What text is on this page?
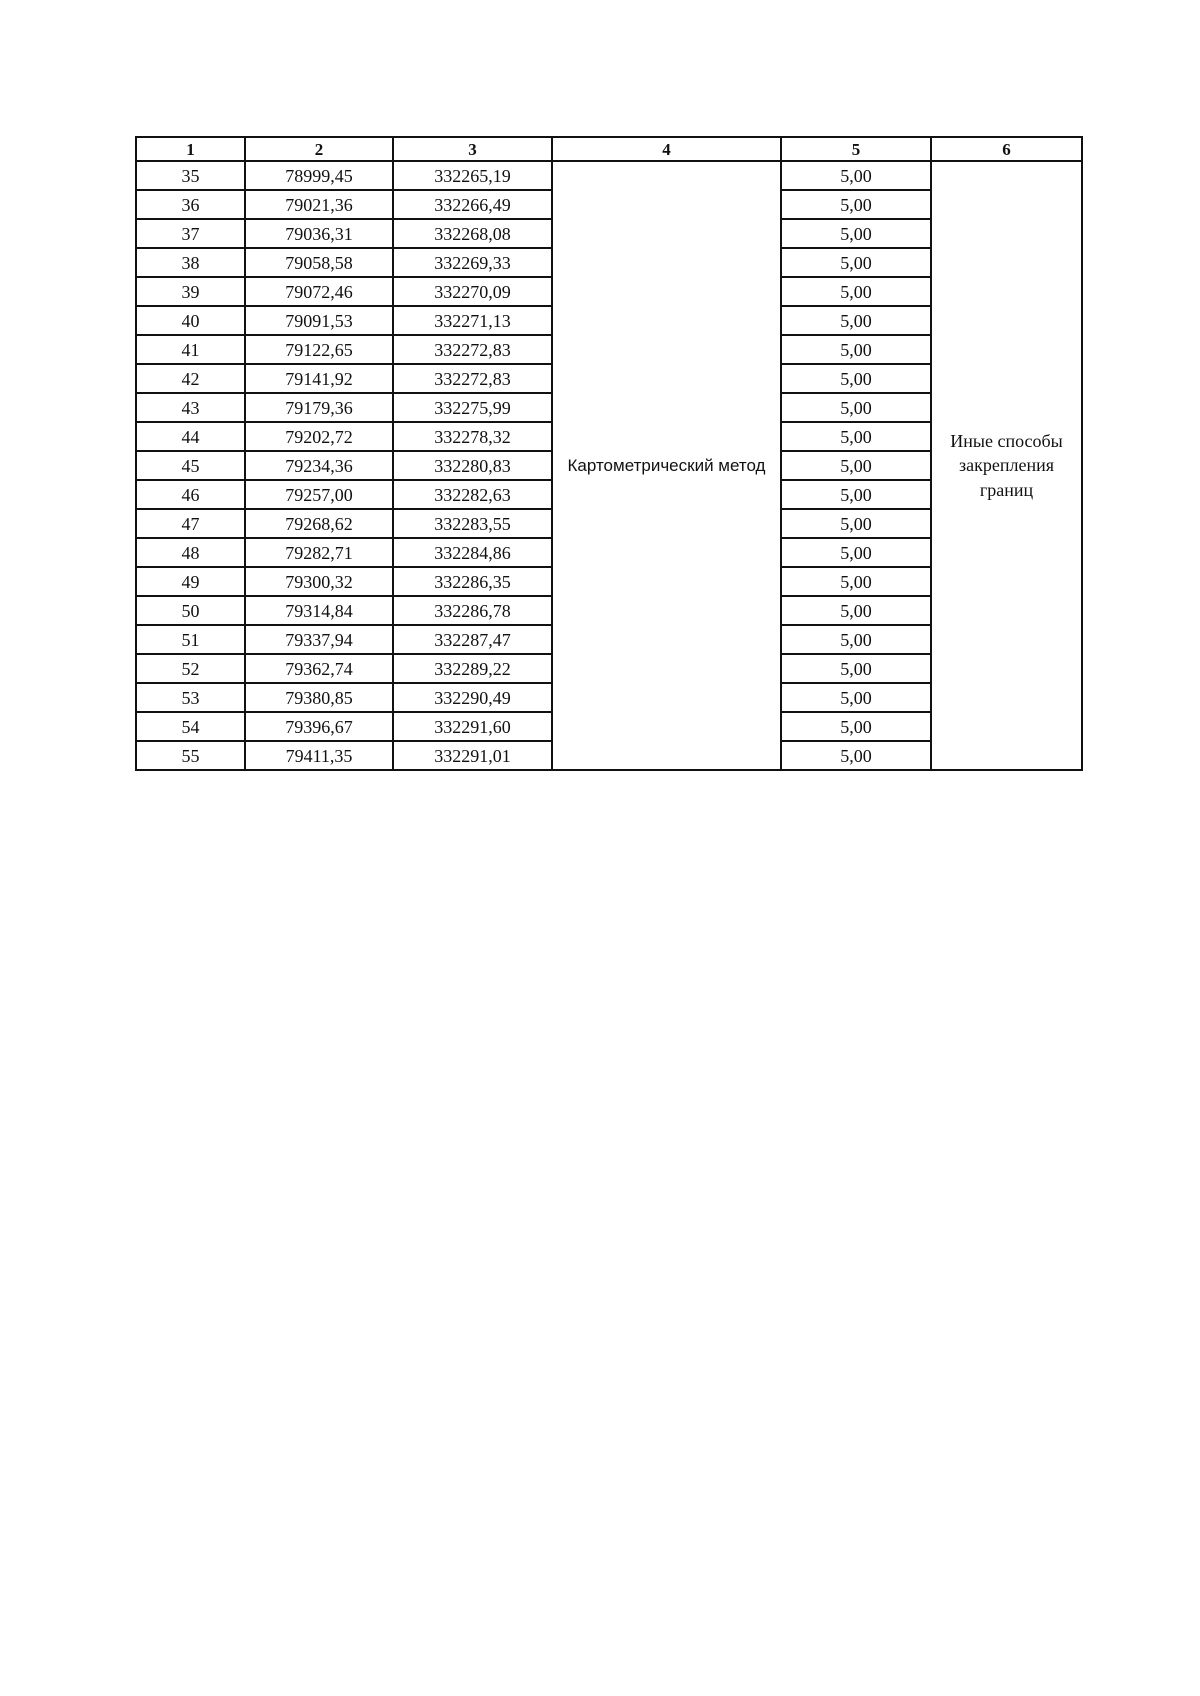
1	2	3	4	5	6
35	78999,45	332265,19	Картометрический метод	5,00	Иные способы
закрепления
границ

36	79021,36	332266,49		5,00	
37	79036,31	332268,08		5,00	
38	79058,58	332269,33		5,00	
39	79072,46	332270,09		5,00	
40	79091,53	332271,13		5,00	
41	79122,65	332272,83		5,00	
42	79141,92	332272,83		5,00	
43	79179,36	332275,99		5,00	
44	79202,72	332278,32		5,00	
45	79234,36	332280,83		5,00	
46	79257,00	332282,63		5,00	
47	79268,62	332283,55		5,00	
48	79282,71	332284,86		5,00	
49	79300,32	332286,35		5,00	
50	79314,84	332286,78		5,00	
51	79337,94	332287,47		5,00	
52	79362,74	332289,22		5,00	
53	79380,85	332290,49		5,00	
54	79396,67	332291,60		5,00	
55	79411,35	332291,01		5,00	
